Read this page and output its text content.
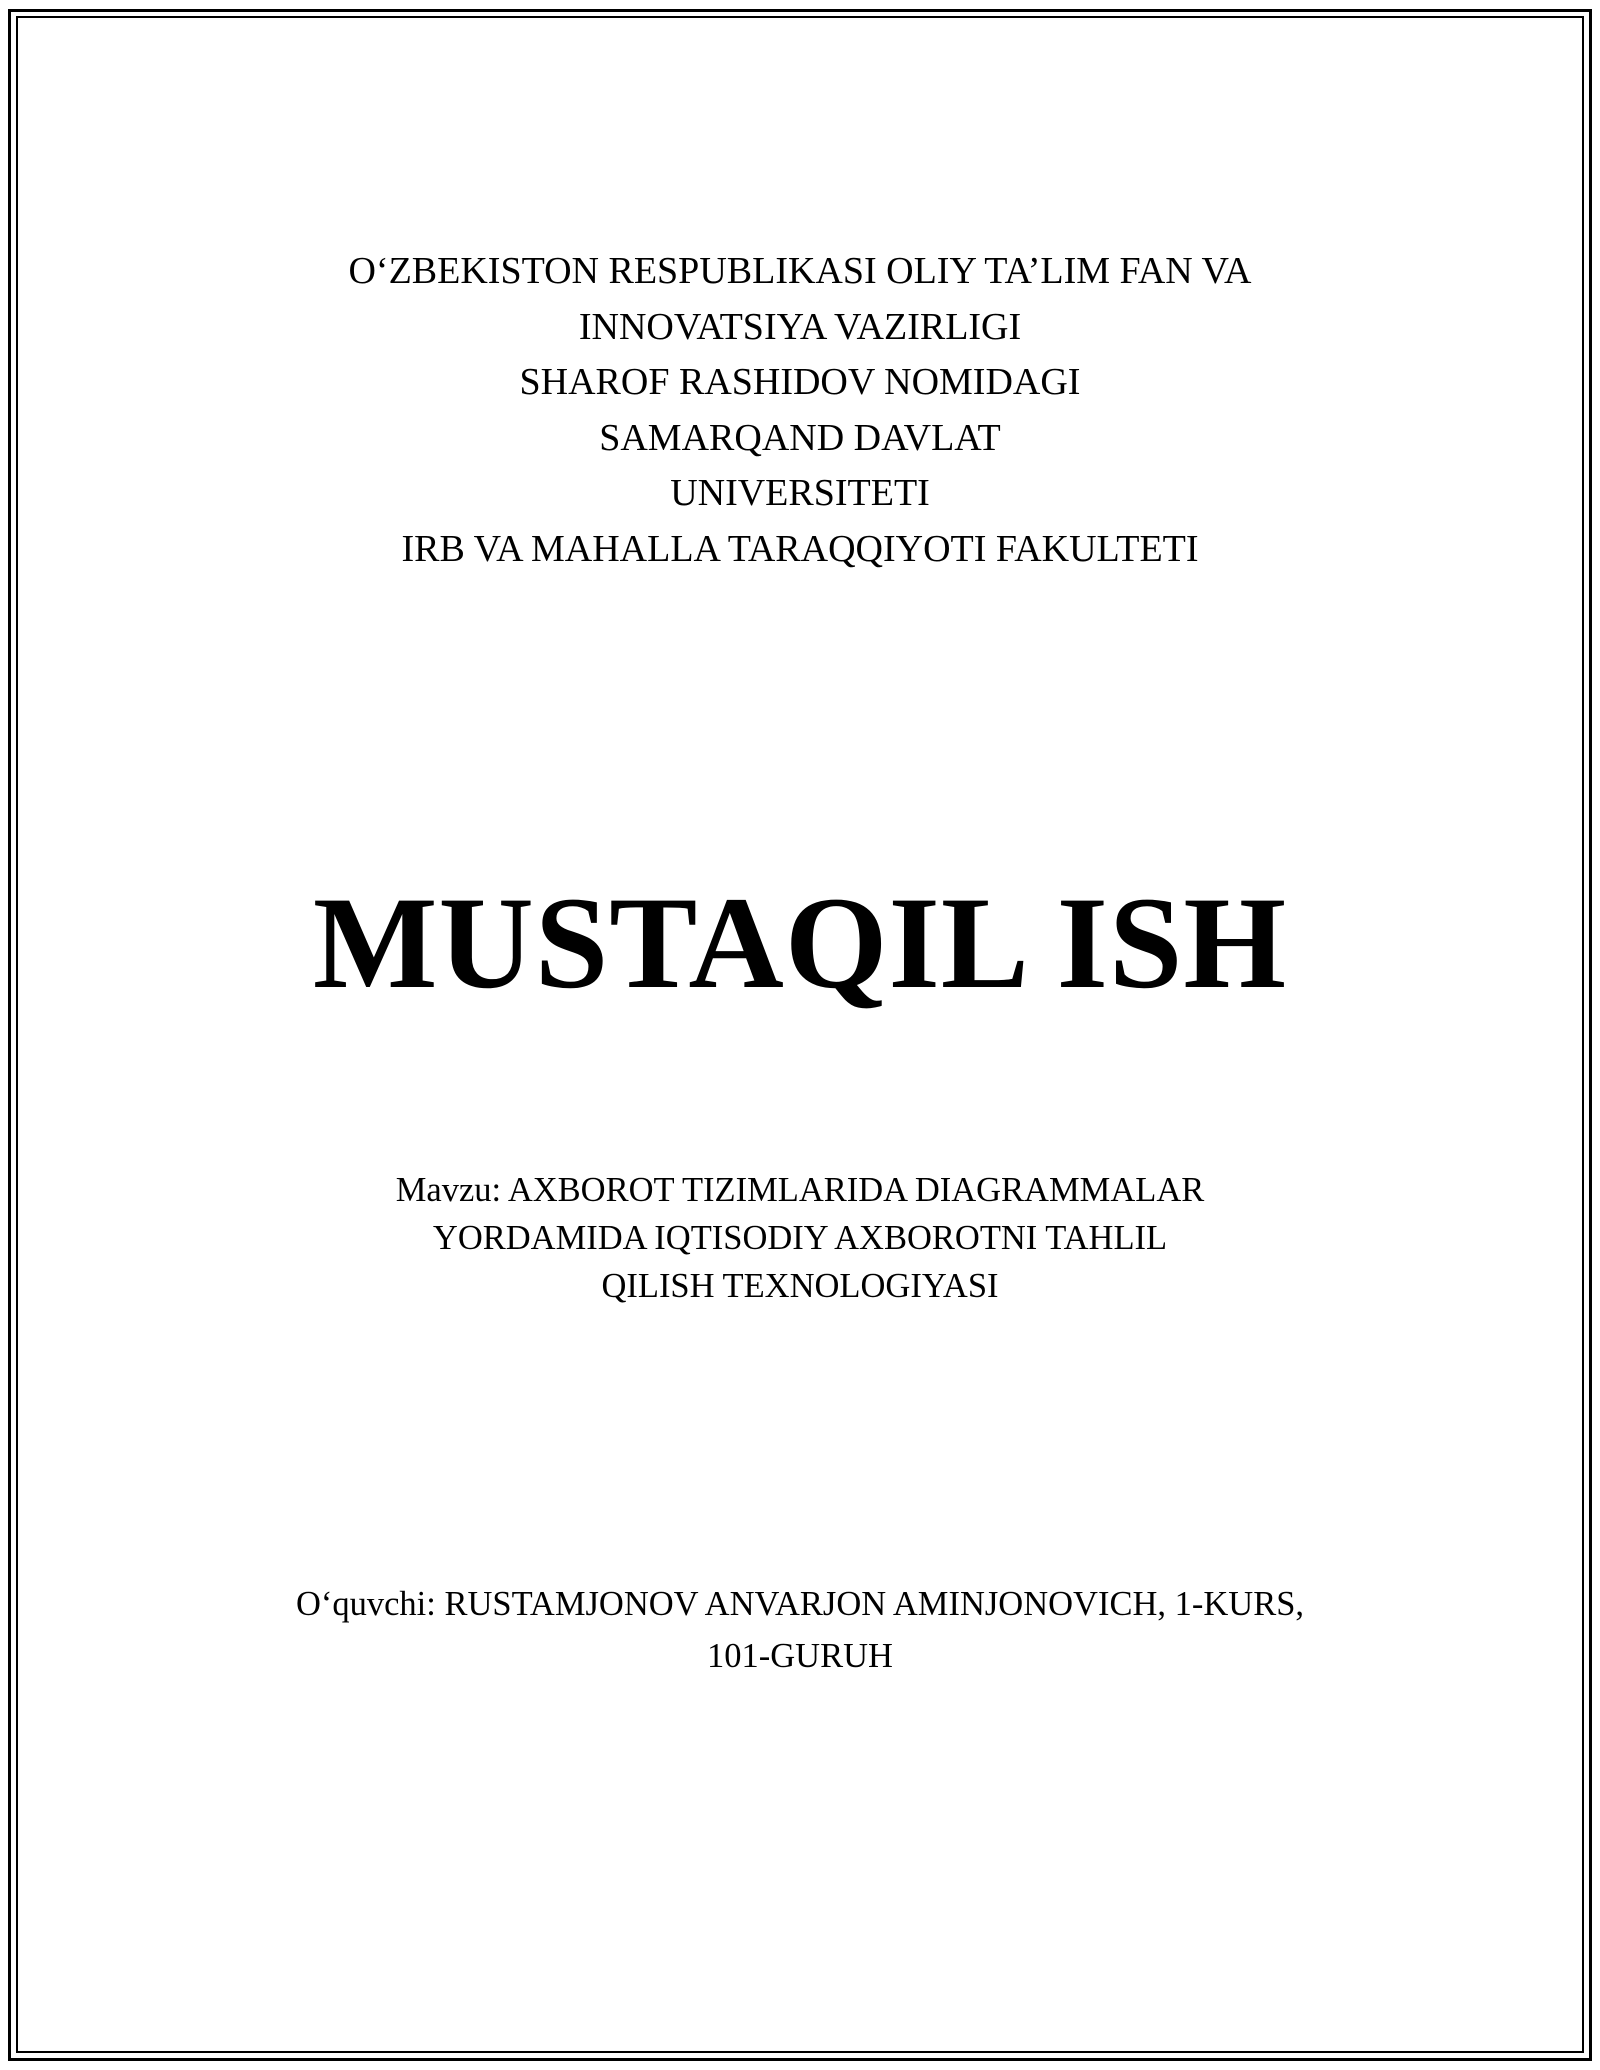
O‘ZBEKISTON RESPUBLIKASI OLIY TA’LIM FAN VA
INNOVATSIYA VAZIRLIGI
SHAROF RASHIDOV NOMIDAGI
SAMARQAND DAVLAT
UNIVERSITETI
IRB VA MAHALLA TARAQQIYOTI FAKULTETI
MUSTAQIL ISH
Mavzu: AXBOROT TIZIMLARIDA DIAGRAMMALAR
YORDAMIDA IQTISODIY AXBOROTNI TAHLIL
QILISH TEXNOLOGIYASI
O‘quvchi: RUSTAMJONOV ANVARJON AMINJONOVICH, 1-KURS,
101-GURUH
